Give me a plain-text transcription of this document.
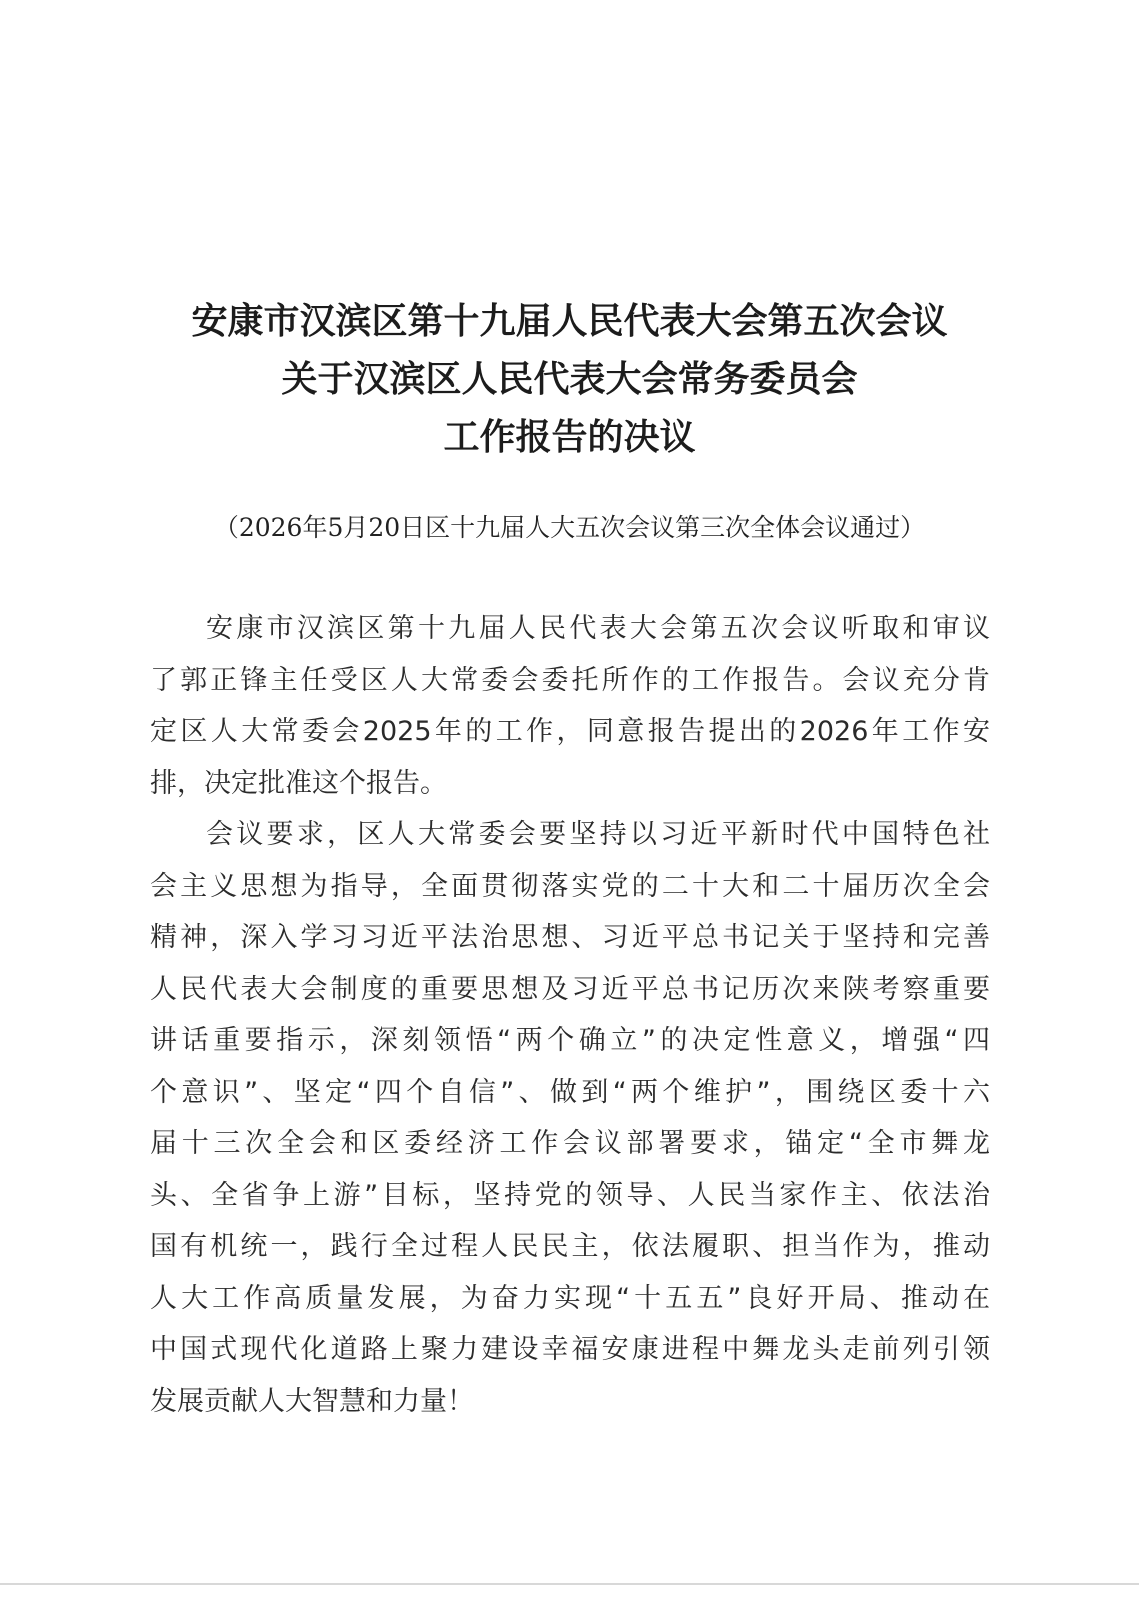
安康市汉滨区第十九届人民代表大会第五次会议
关于汉滨区人民代表大会常务委员会
工作报告的决议
（2026年5月20日区十九届人大五次会议第三次全体会议通过）
安康市汉滨区第十九届人民代表大会第五次会议听取和审议
了郭正锋主任受区人大常委会委托所作的工作报告。会议充分肯
定区人大常委会2025年的工作，同意报告提出的2026年工作安
排，决定批准这个报告。
会议要求，区人大常委会要坚持以习近平新时代中国特色社
会主义思想为指导，全面贯彻落实党的二十大和二十届历次全会
精神，深入学习习近平法治思想、习近平总书记关于坚持和完善
人民代表大会制度的重要思想及习近平总书记历次来陕考察重要
讲话重要指示，深刻领悟“两个确立”的决定性意义，增强“四
个意识”、坚定“四个自信”、做到“两个维护”，围绕区委十六
届十三次全会和区委经济工作会议部署要求，锚定“全市舞龙
头、全省争上游”目标，坚持党的领导、人民当家作主、依法治
国有机统一，践行全过程人民民主，依法履职、担当作为，推动
人大工作高质量发展，为奋力实现“十五五”良好开局、推动在
中国式现代化道路上聚力建设幸福安康进程中舞龙头走前列引领
发展贡献人大智慧和力量！
